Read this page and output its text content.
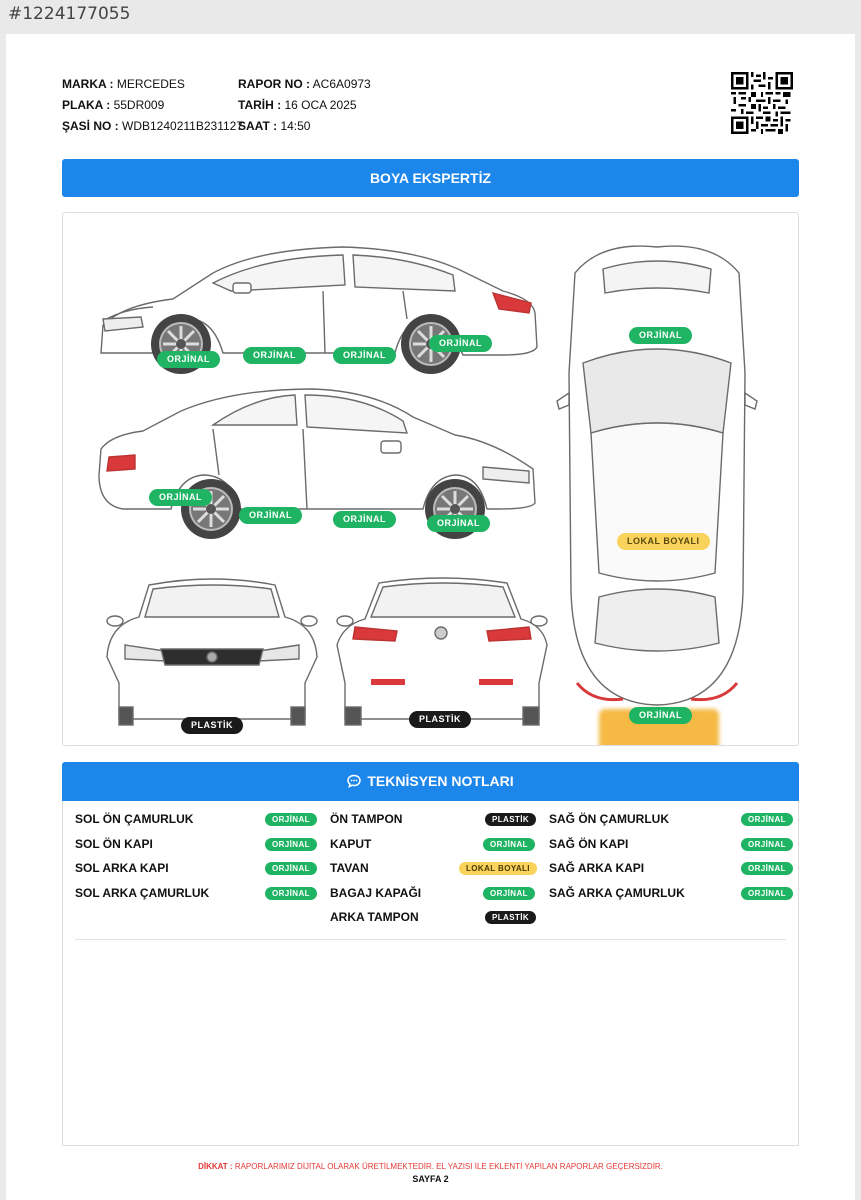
#1224177055
MARKA : MERCEDES
PLAKA : 55DR009
ŞASİ NO : WDB1240211B231127
RAPOR NO : AC6A0973
TARİH : 16 OCA 2025
SAAT : 14:50
BOYA EKSPERTİZ
ORJİNAL	ORJİNAL	ORJİNAL
ORJİNAL
ORJİNAL
ORJİNAL	ORJİNAL	ORJİNAL
PLASTİK
PLASTİK
ORJİNAL
LOKAL BOYALI
ORJİNAL
TEKNİSYEN NOTLARI
SOL ÖN ÇAMURLUK	ORJİNAL
SOL ÖN KAPI	ORJİNAL
SOL ARKA KAPI	ORJİNAL
SOL ARKA ÇAMURLUK	ORJİNAL
ÖN TAMPON	PLASTİK
KAPUT	ORJİNAL
TAVAN	LOKAL BOYALI
BAGAJ KAPAĞI	ORJİNAL
ARKA TAMPON	PLASTİK
SAĞ ÖN ÇAMURLUK	ORJİNAL
SAĞ ÖN KAPI	ORJİNAL
SAĞ ARKA KAPI	ORJİNAL
SAĞ ARKA ÇAMURLUK	ORJİNAL
DİKKAT : RAPORLARIMIZ DİJİTAL OLARAK ÜRETİLMEKTEDİR. EL YAZISI İLE EKLENTİ YAPILAN RAPORLAR GEÇERSİZDİR.
SAYFA 2
